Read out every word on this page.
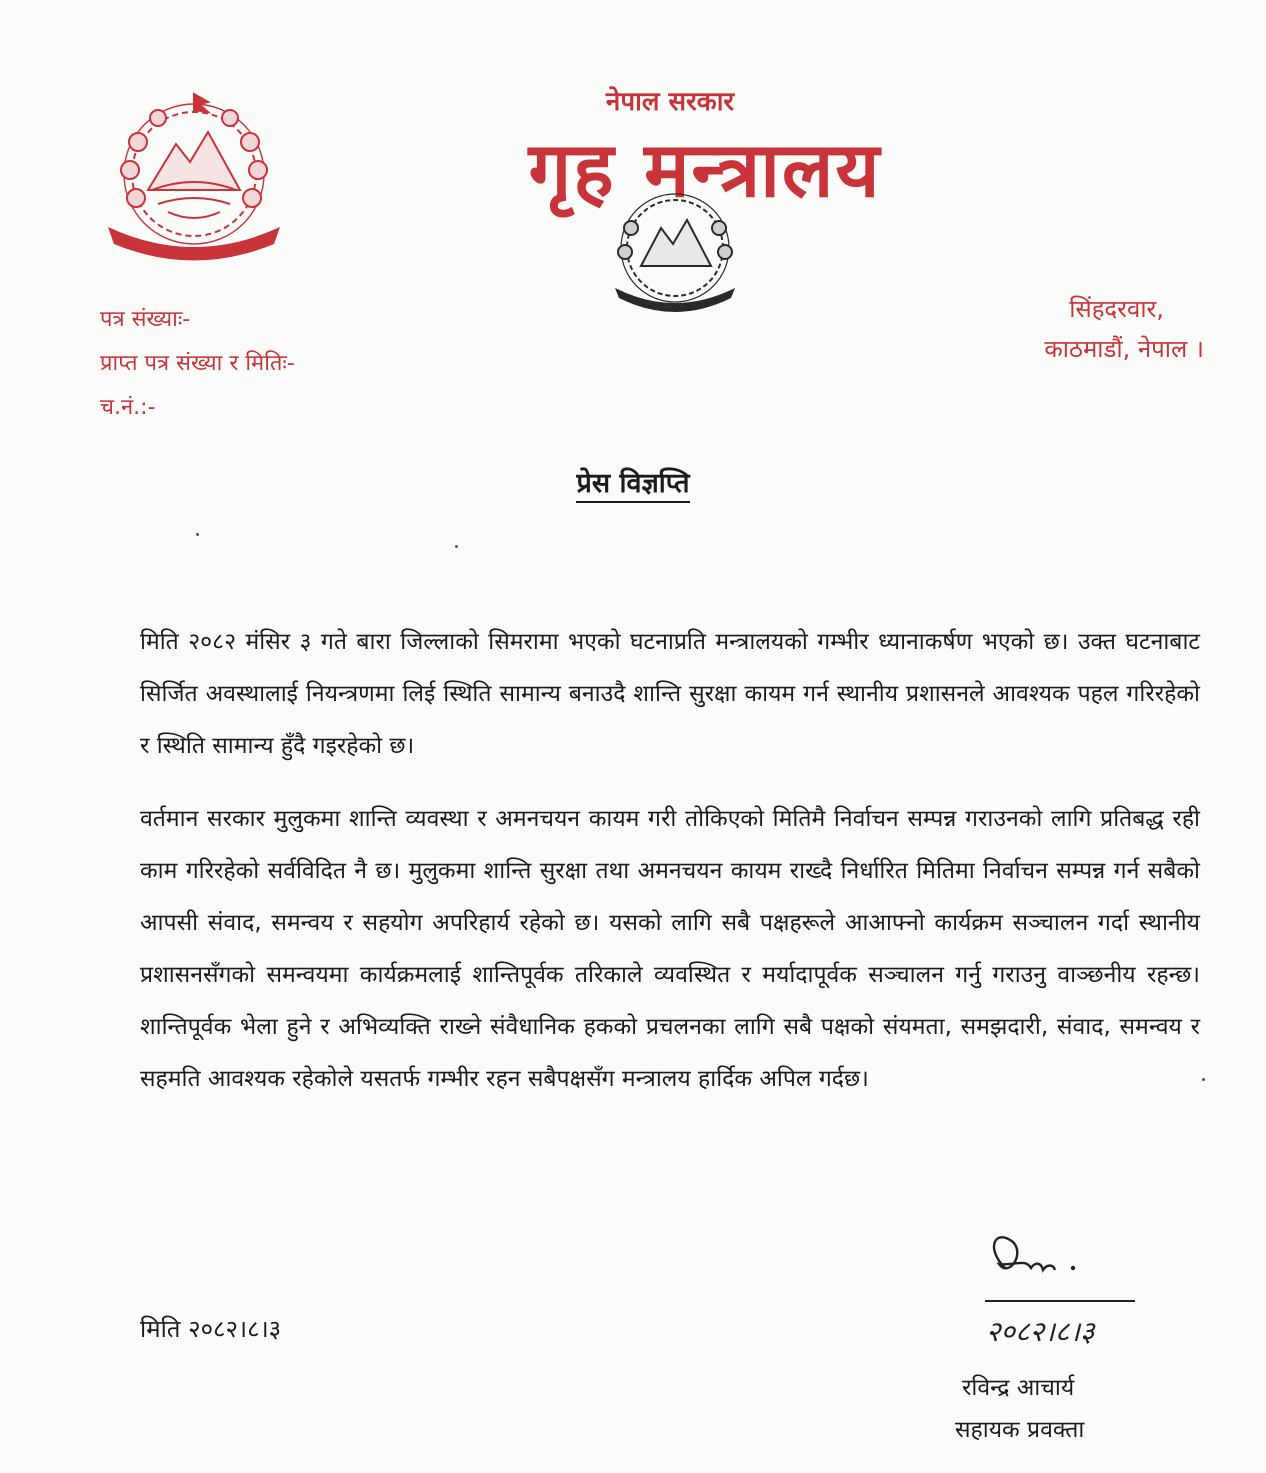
नेपाल सरकार
गृह मन्त्रालय
पत्र संख्याः-
प्राप्त पत्र संख्या र मितिः-
च.नं.:-
सिंहदरवार,
काठमाडौं, नेपाल ।
प्रेस विज्ञप्ति
मिति २०८२ मंसिर ३ गते बारा जिल्लाको सिमरामा भएको घटनाप्रति मन्त्रालयको गम्भीर ध्यानाकर्षण भएको छ। उक्त घटनाबाट सिर्जित अवस्थालाई नियन्त्रणमा लिई स्थिति सामान्य बनाउदै शान्ति सुरक्षा कायम गर्न स्थानीय प्रशासनले आवश्यक पहल गरिरहेको र स्थिति सामान्य हुँदै गइरहेको छ।
वर्तमान सरकार मुलुकमा शान्ति व्यवस्था र अमनचयन कायम गरी तोकिएको मितिमै निर्वाचन सम्पन्न गराउनको लागि प्रतिबद्ध रही काम गरिरहेको सर्वविदित नै छ। मुलुकमा शान्ति सुरक्षा तथा अमनचयन कायम राख्दै निर्धारित मितिमा निर्वाचन सम्पन्न गर्न सबैको आपसी संवाद, समन्वय र सहयोग अपरिहार्य रहेको छ। यसको लागि सबै पक्षहरूले आआफ्नो कार्यक्रम सञ्चालन गर्दा स्थानीय प्रशासनसँगको समन्वयमा कार्यक्रमलाई शान्तिपूर्वक तरिकाले व्यवस्थित र मर्यादापूर्वक सञ्चालन गर्नु गराउनु वाञ्छनीय रहन्छ। शान्तिपूर्वक भेला हुने र अभिव्यक्ति राख्ने संवैधानिक हकको प्रचलनका लागि सबै पक्षको संयमता, समझदारी, संवाद, समन्वय र सहमति आवश्यक रहेकोले यसतर्फ गम्भीर रहन सबैपक्षसँग मन्त्रालय हार्दिक अपिल गर्दछ।
मिति २०८२।८।३	२०८२।८।३
रविन्द्र आचार्य
सहायक प्रवक्ता
